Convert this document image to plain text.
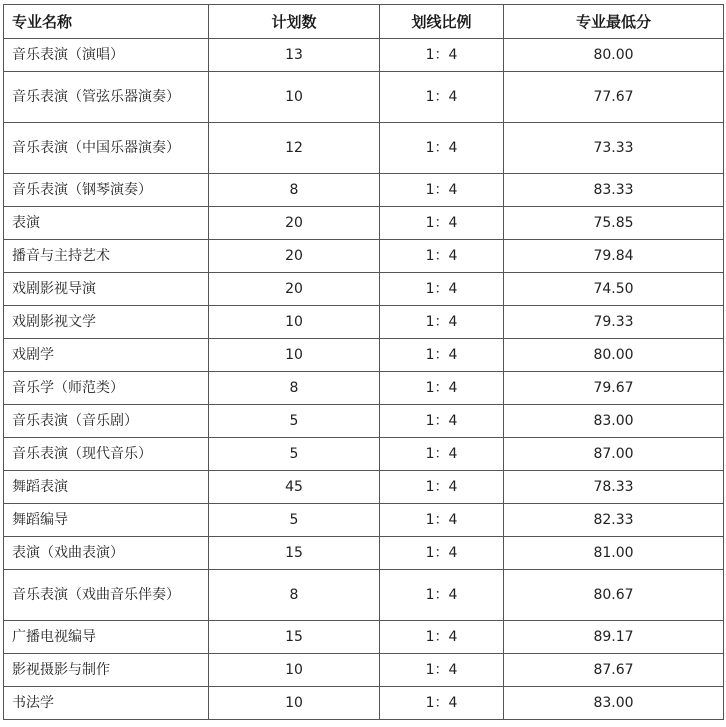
专业名称	计划数	划线比例	专业最低分
音乐表演（演唱）	13	1：4	80.00
音乐表演（管弦乐器演奏）	10	1：4	77.67
音乐表演（中国乐器演奏）	12	1：4	73.33
音乐表演（钢琴演奏）	8	1：4	83.33
表演	20	1：4	75.85
播音与主持艺术	20	1：4	79.84
戏剧影视导演	20	1：4	74.50
戏剧影视文学	10	1：4	79.33
戏剧学	10	1：4	80.00
音乐学（师范类）	8	1：4	79.67
音乐表演（音乐剧）	5	1：4	83.00
音乐表演（现代音乐）	5	1：4	87.00
舞蹈表演	45	1：4	78.33
舞蹈编导	5	1：4	82.33
表演（戏曲表演）	15	1：4	81.00
音乐表演（戏曲音乐伴奏）	8	1：4	80.67
广播电视编导	15	1：4	89.17
影视摄影与制作	10	1：4	87.67
书法学	10	1：4	83.00
